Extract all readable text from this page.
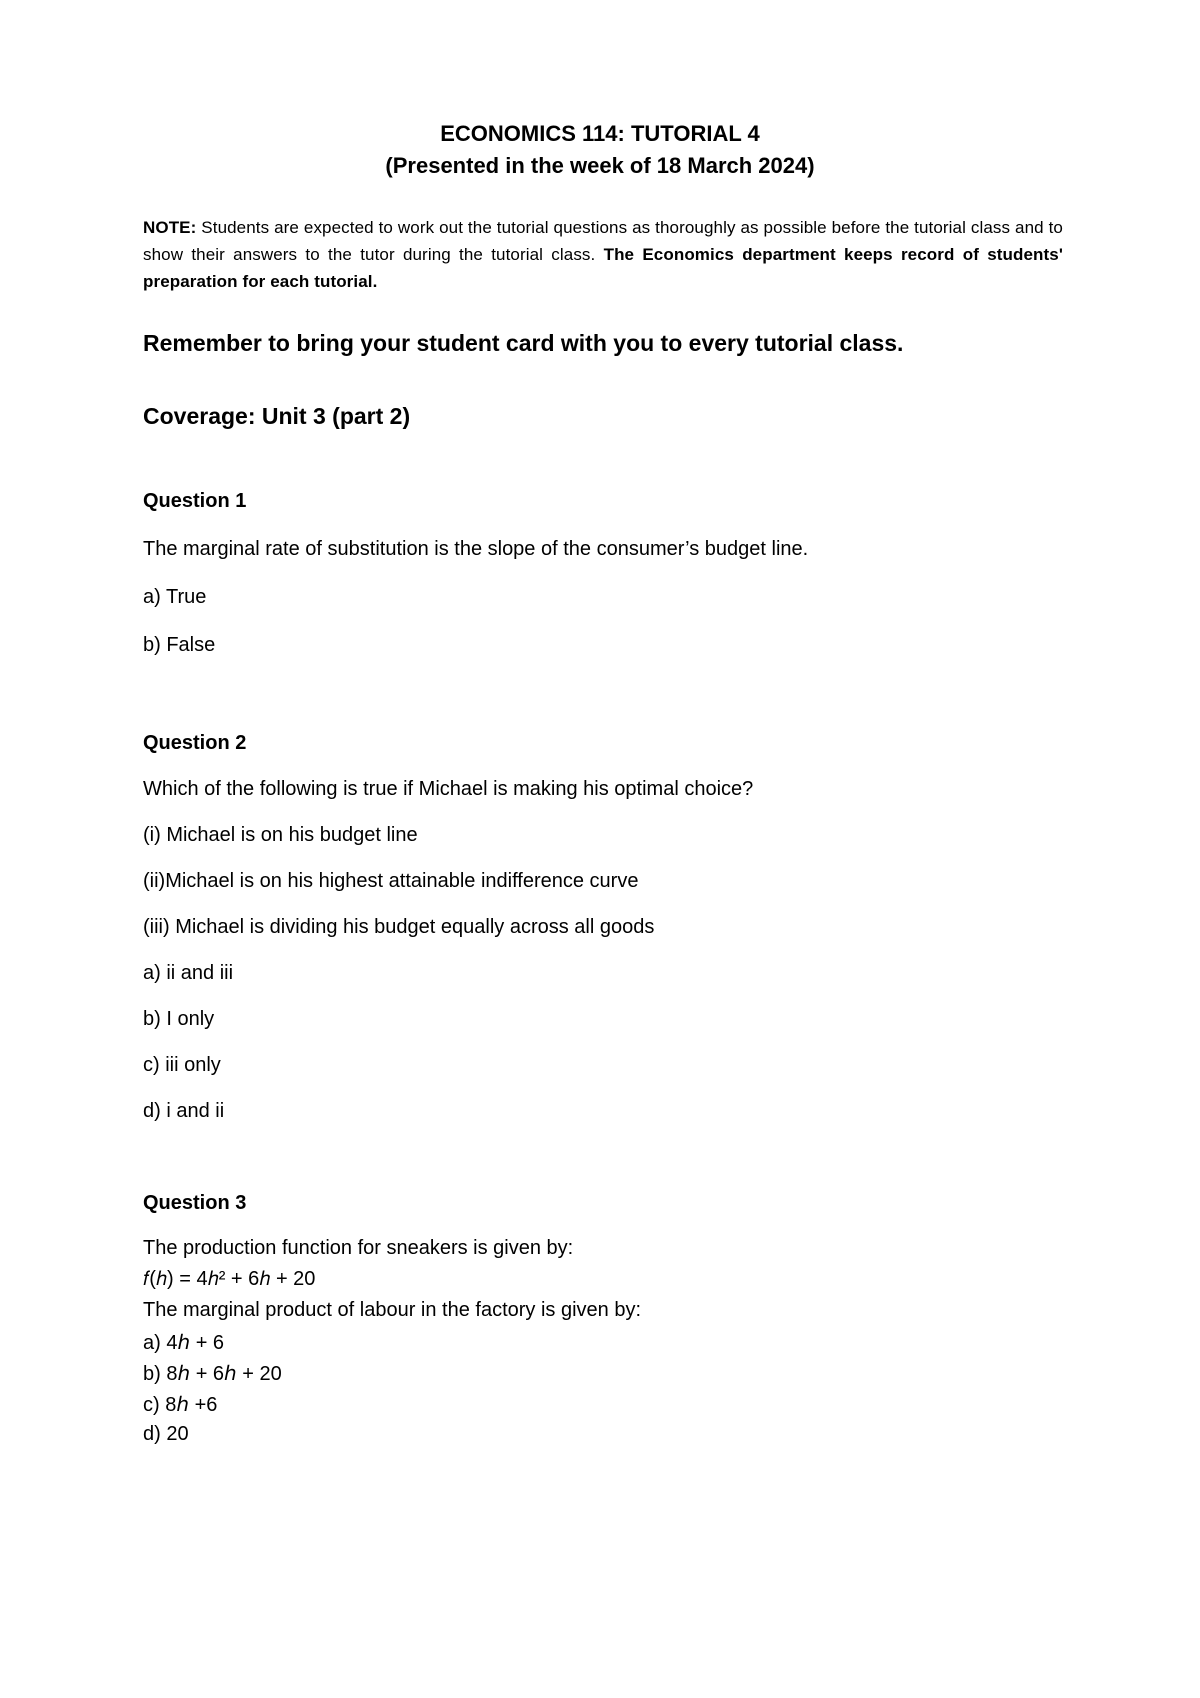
ECONOMICS 114: TUTORIAL 4
(Presented in the week of 18 March 2024)
NOTE: Students are expected to work out the tutorial questions as thoroughly as possible before the tutorial class and to show their answers to the tutor during the tutorial class. The Economics department keeps record of students' preparation for each tutorial.
Remember to bring your student card with you to every tutorial class.
Coverage: Unit 3 (part 2)
Question 1
The marginal rate of substitution is the slope of the consumer’s budget line.
a) True
b) False
Question 2
Which of the following is true if Michael is making his optimal choice?
(i) Michael is on his budget line
(ii)Michael is on his highest attainable indifference curve
(iii) Michael is dividing his budget equally across all goods
a) ii and iii
b) I only
c) iii only
d) i and ii
Question 3
The production function for sneakers is given by:
𝑓(ℎ) = 4ℎ² + 6ℎ + 20
The marginal product of labour in the factory is given by:
a) 4ℎ + 6
b) 8ℎ + 6ℎ + 20
c) 8ℎ +6
d) 20
